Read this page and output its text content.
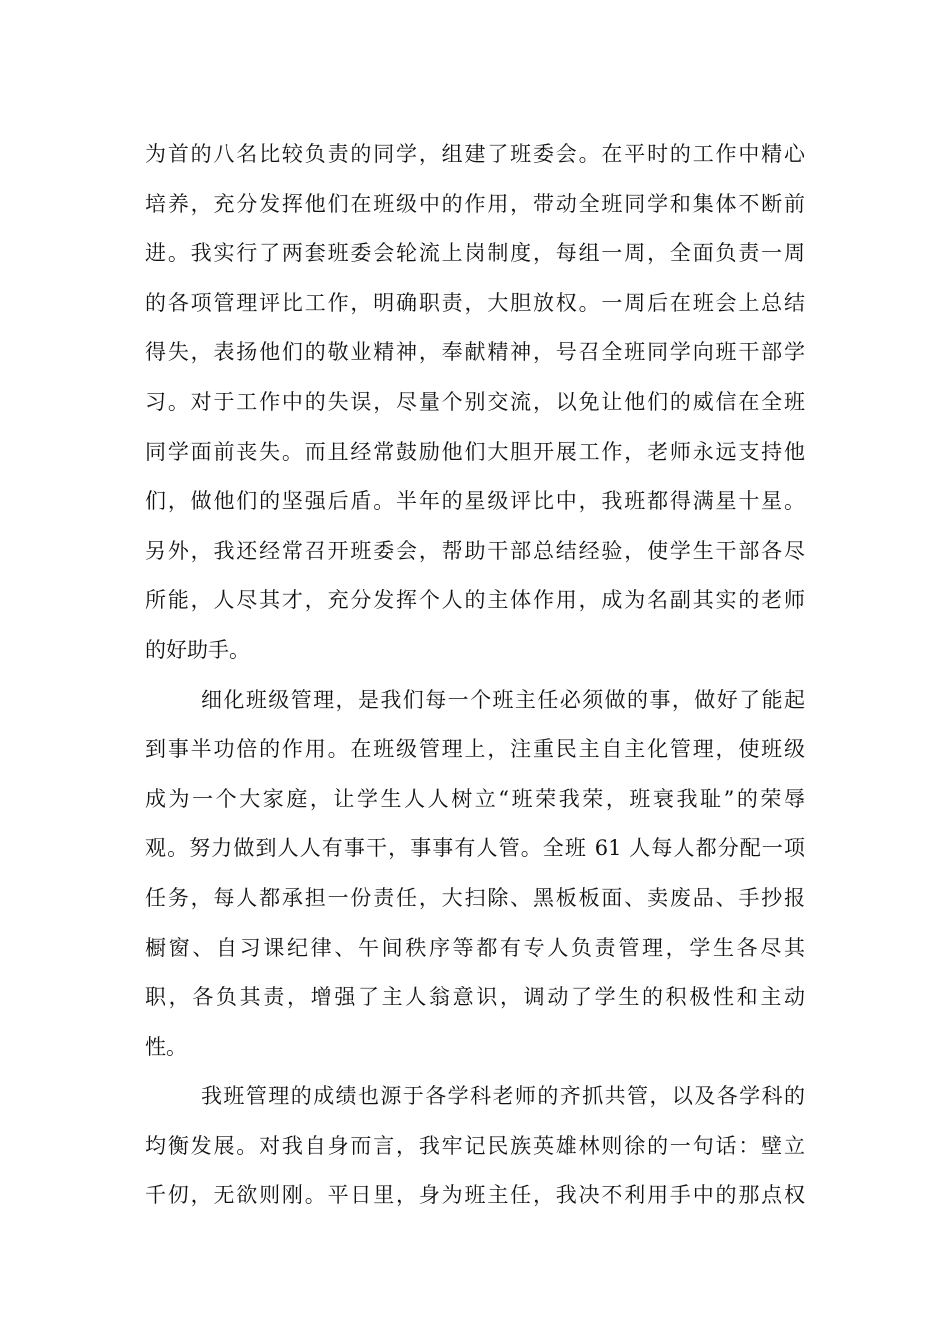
为首的八名比较负责的同学，组建了班委会。在平时的工作中精心
培养，充分发挥他们在班级中的作用，带动全班同学和集体不断前
进。我实行了两套班委会轮流上岗制度，每组一周，全面负责一周
的各项管理评比工作，明确职责，大胆放权。一周后在班会上总结
得失，表扬他们的敬业精神，奉献精神，号召全班同学向班干部学
习。对于工作中的失误，尽量个别交流，以免让他们的威信在全班
同学面前丧失。而且经常鼓励他们大胆开展工作，老师永远支持他
们，做他们的坚强后盾。半年的星级评比中，我班都得满星十星。
另外，我还经常召开班委会，帮助干部总结经验，使学生干部各尽
所能，人尽其才，充分发挥个人的主体作用，成为名副其实的老师
的好助手。
细化班级管理，是我们每一个班主任必须做的事，做好了能起
到事半功倍的作用。在班级管理上，注重民主自主化管理，使班级
成为一个大家庭，让学生人人树立“班荣我荣，班衰我耻”的荣辱
观。努力做到人人有事干，事事有人管。全班 61 人每人都分配一项
任务，每人都承担一份责任，大扫除、黑板板面、卖废品、手抄报
橱窗、自习课纪律、午间秩序等都有专人负责管理，学生各尽其
职，各负其责，增强了主人翁意识，调动了学生的积极性和主动
性。
我班管理的成绩也源于各学科老师的齐抓共管，以及各学科的
均衡发展。对我自身而言，我牢记民族英雄林则徐的一句话：壁立
千仞，无欲则刚。平日里，身为班主任，我决不利用手中的那点权
